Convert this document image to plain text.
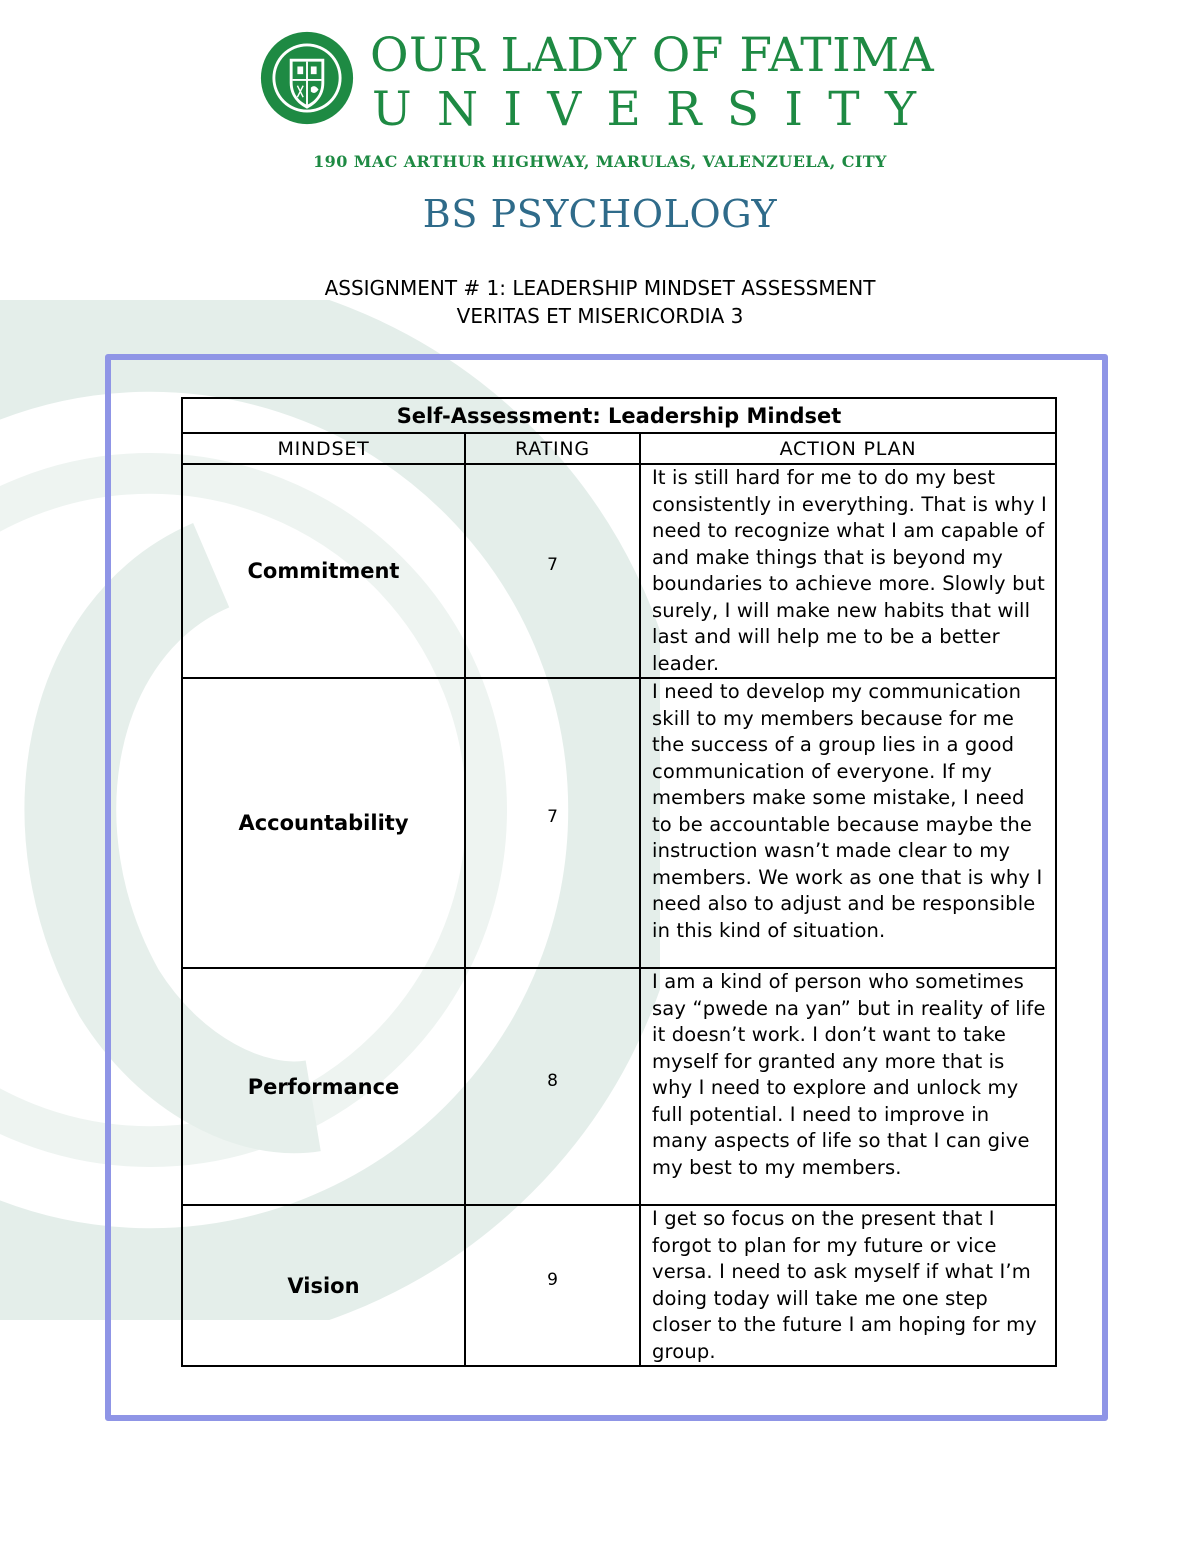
OUR LADY OF FATIMA
U N I V E R S I T Y
190 MAC ARTHUR HIGHWAY, MARULAS, VALENZUELA, CITY
BS PSYCHOLOGY
ASSIGNMENT # 1: LEADERSHIP MINDSET ASSESSMENT
VERITAS ET MISERICORDIA 3
Self-Assessment: Leadership Mindset		
MINDSET	RATING	ACTION PLAN
Commitment	7	It is still hard for me to do my best consistently in everything. That is why I need to recognize what I am capable of and make things that is beyond my boundaries to achieve more. Slowly but surely, I will make new habits that will last and will help me to be a better leader.
Accountability	7	I need to develop my communication skill to my members because for me the success of a group lies in a good communication of everyone. If my members make some mistake, I need to be accountable because maybe the instruction wasn’t made clear to my members. We work as one that is why I need also to adjust and be responsible in this kind of situation.
Performance	8	I am a kind of person who sometimes say “pwede na yan” but in reality of life it doesn’t work. I don’t want to take myself for granted any more that is why I need to explore and unlock my full potential. I need to improve in many aspects of life so that I can give my best to my members.
Vision	9	I get so focus on the present that I forgot to plan for my future or vice versa. I need to ask myself if what I’m doing today will take me one step closer to the future I am hoping for my group.
